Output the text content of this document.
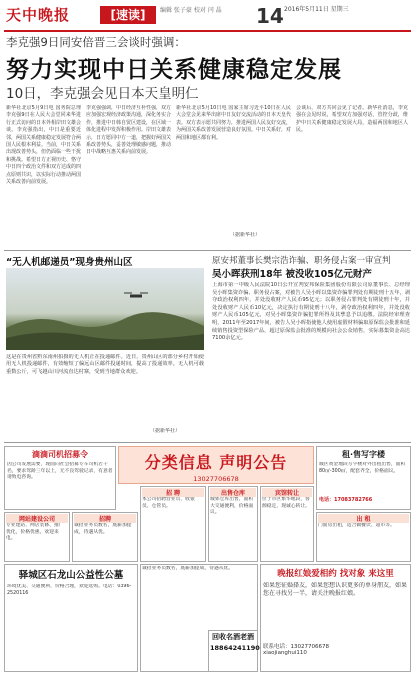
天中晚报	[速读]	编辑 张子豪 校对 闫 晶	14 2016年5月11日 星期三
李克强9日同安倍晋三会谈时强调：
努力实现中日关系健康稳定发展
10日，李克强会见日本天皇明仁
新华社北京5月9日电 国务院总理李克强9日在人民大会堂同来华进行正式访问的日本外相岸田文雄会谈。李克强指出，中日是重要近邻，两国关系健康稳定发展符合两国人民根本利益。当前，中日关系出现改善势头，但仍面临一些干扰和挑战。希望日方正视历史、恪守中日四个政治文件和双方达成的四点原则共识，以实际行动推动两国关系改善向前发展。
李克强强调，中日经济互补性强，双方应加强宏观经济政策沟通，深化务实合作，推进中日韩自贸区建设，在区域一体化进程中发挥积极作用。岸田文雄表示，日方愿同中方一道，把握好两国关系改善势头，妥善处理敏感问题，推动日中战略互惠关系向前发展。
新华社北京5月10日电 国家主席习近平10日在人民大会堂会见来华出席中日友好交流活动的日本天皇代表。双方表示愿共同努力，推进两国人民友好交流，为两国关系改善发展营造良好氛围。中日关系好，对两国和地区都有利。
会谈后，双方共同会见了记者。新华社消息，李克强在会见时说，希望双方加强对话，管控分歧，维护中日关系健康稳定发展大局，造福两国和地区人民。
（据新华社）
“无人机邮递员”现身贵州山区
这是在贵州省黔东南州拍摄的无人机正在投递邮件。近日，贵州山区的部分乡村开始使用无人机投递邮件，有效缩短了偏远山区邮件投递时间，提高了投递效率。无人机可载重数公斤，可飞越山川河流直达村寨，受到当地群众欢迎。
（据新华社）
原安邦董事长樊宗浩诈骗、职务侵占案一审宣判
吴小晖获刑18年 被没收105亿元财产
上海市第一中级人民法院10日公开宣判安邦保险集团股份有限公司原董事长、总经理吴小晖集资诈骗、职务侵占案，对被告人吴小晖以集资诈骗罪判处有期徒刑十五年，剥夺政治权利四年，并处没收财产人民币95亿元；以职务侵占罪判处有期徒刑十年，并处没收财产人民币10亿元，决定执行有期徒刑十八年，剥夺政治权利四年，并处没收财产人民币105亿元，对吴小晖集资诈骗犯罪所得及其孳息予以追缴。法院经审理查明，2011年至2017年间，被告人吴小晖指使他人使用虚假材料骗取原保监会批准和延续销售投资型保险产品，超过原保监会批准的规模向社会公众销售，实际募集资金高达7100余亿元。
滴滴司机招募令
因公司发展需要，现面向社会招募专车司机若干名，要求驾龄三年以上，无不良驾驶记录，有意者请致电咨询。
分类信息 声明公告
13027706678
租·售写字楼
城区黄金地段写字楼对外出租出售，面积80㎡-300㎡，配套齐全，价格面议。
电话：17083782766
网站建设公司
专业建站、网店装修、推广优化，价格优惠，欢迎来电。
招聘
诚招业务员数名，底薪加提成，待遇从优。
招 聘
本公司招聘营业员、收银员、仓管员。
出售仓库
城郊仓库出售，面积大交通便利，价格面议。
宾馆转让
位于市区繁华地段，客源稳定，现诚心转让。
出 租
门面房出租，适合做餐饮、超市等。
驿城区石龙山公益性公墓
环境优美、交通便利、价格合理，欢迎选购。电话：0396-2520116
诚招业务员数名，底薪加提成，待遇从优。
回收名酒老酒
18864241190
晚报红娘爱相约 找对象 来这里
如果您征婚择友，如果您想认识更多的单身朋友，如果您在寻找另一半，请关注晚报红娘。
联系电话：13027706678
xiaojianghui110
